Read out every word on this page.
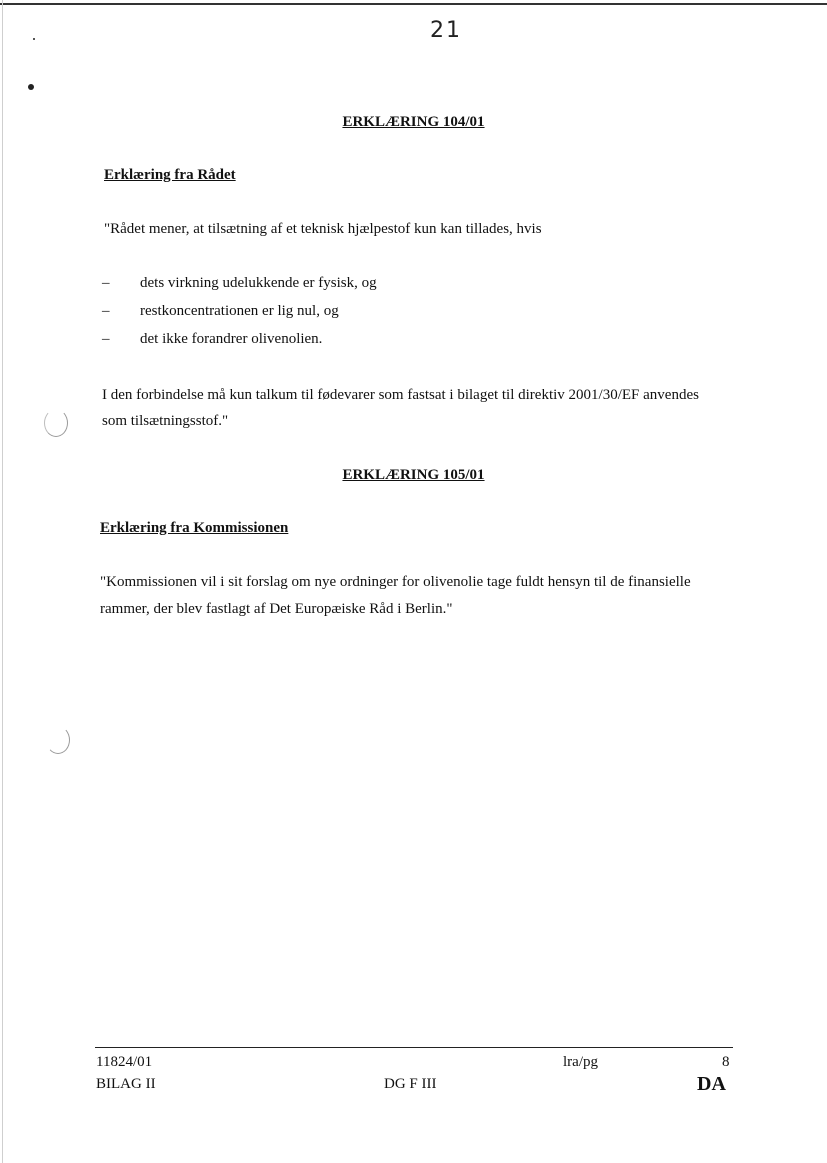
21
ERKLÆRING 104/01
Erklæring fra Rådet
"Rådet mener, at tilsætning af et teknisk hjælpestof kun kan tillades, hvis
– dets virkning udelukkende er fysisk, og
– restkoncentrationen er lig nul, og
– det ikke forandrer olivenolien.
I den forbindelse må kun talkum til fødevarer som fastsat i bilaget til direktiv 2001/30/EF anvendes
som tilsætningsstof."
ERKLÆRING 105/01
Erklæring fra Kommissionen
"Kommissionen vil i sit forslag om nye ordninger for olivenolie tage fuldt hensyn til de finansielle
rammer, der blev fastlagt af Det Europæiske Råd i Berlin."
11824/01	lra/pg	8
BILAG II	DG F III	DA
